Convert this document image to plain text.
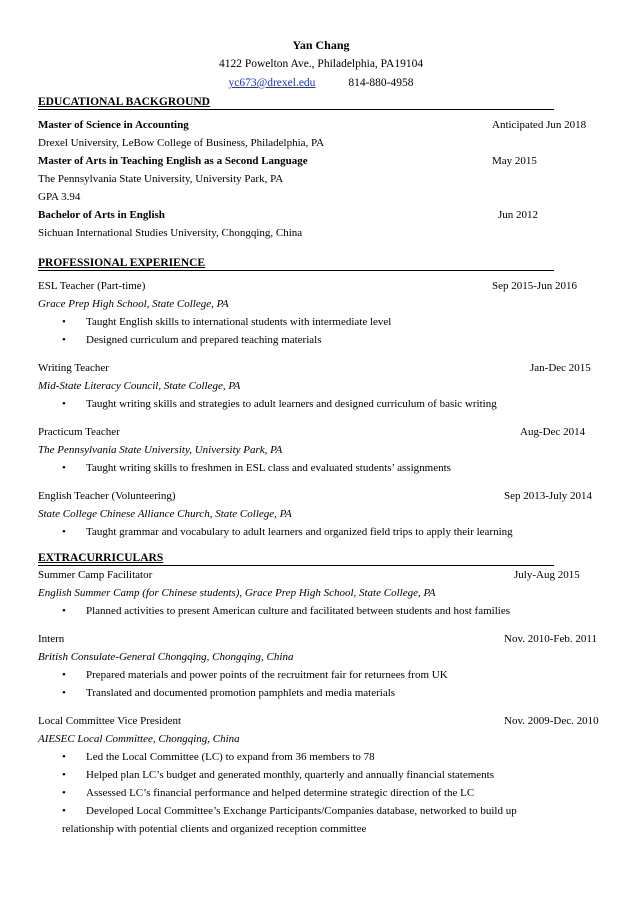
Yan Chang
4122 Powelton Ave., Philadelphia, PA19104
yc673@drexel.edu	814-880-4958
EDUCATIONAL BACKGROUND
Master of Science in Accounting	Anticipated Jun 2018
Drexel University, LeBow College of Business, Philadelphia, PA
Master of Arts in Teaching English as a Second Language	May 2015
The Pennsylvania State University, University Park, PA
GPA 3.94
Bachelor of Arts in English	Jun 2012
Sichuan International Studies University, Chongqing, China
PROFESSIONAL EXPERIENCE
ESL Teacher (Part-time)	Sep 2015-Jun 2016
Grace Prep High School, State College, PA
• Taught English skills to international students with intermediate level
• Designed curriculum and prepared teaching materials
Writing Teacher	Jan-Dec 2015
Mid-State Literacy Council, State College, PA
• Taught writing skills and strategies to adult learners and designed curriculum of basic writing
Practicum Teacher	Aug-Dec 2014
The Pennsylvania State University, University Park, PA
• Taught writing skills to freshmen in ESL class and evaluated students’ assignments
English Teacher (Volunteering)	Sep 2013-July 2014
State College Chinese Alliance Church, State College, PA
• Taught grammar and vocabulary to adult learners and organized field trips to apply their learning
EXTRACURRICULARS
Summer Camp Facilitator	July-Aug 2015
English Summer Camp (for Chinese students), Grace Prep High School, State College, PA
• Planned activities to present American culture and facilitated between students and host families
Intern	Nov. 2010-Feb. 2011
British Consulate-General Chongqing, Chongqing, China
• Prepared materials and power points of the recruitment fair for returnees from UK
• Translated and documented promotion pamphlets and media materials
Local Committee Vice President	Nov. 2009-Dec. 2010
AIESEC Local Committee, Chongqing, China
• Led the Local Committee (LC) to expand from 36 members to 78
• Helped plan LC’s budget and generated monthly, quarterly and annually financial statements
• Assessed LC’s financial performance and helped determine strategic direction of the LC
• Developed Local Committee’s Exchange Participants/Companies database, networked to build up
relationship with potential clients and organized reception committee
